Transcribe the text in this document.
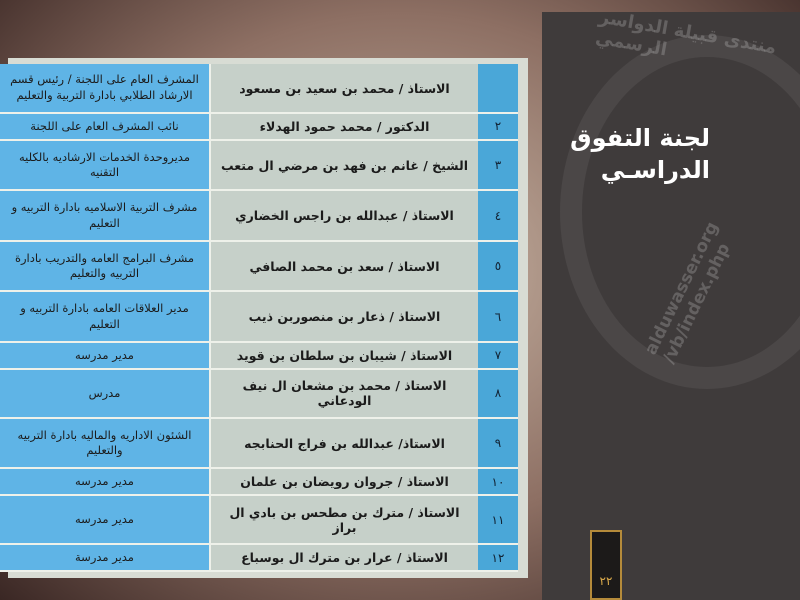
	الاستاذ / محمد بن سعيد بن مسعود	المشرف العام على اللجنة / رئيس قسم الارشاد الطلابي بادارة التربية والتعليم
٢	الدكتور / محمد حمود الهدلاء	نائب المشرف العام على اللجنة
٣	الشيخ / غانم بن فهد بن مرضي ال متعب	مديروحدة الخدمات الارشاديه بالكليه التقنيه
٤	الاستاذ / عبدالله بن راجس الخضاري	مشرف التربية الاسلاميه بادارة التربيه و التعليم
٥	الاستاذ / سعد بن محمد الصافي	مشرف البرامج العامه والتدريب بادارة التربيه والتعليم
٦	الاستاذ / ذعار بن منصوربن ذيب	مدير العلاقات العامه بادارة التربيه و التعليم
٧	الاستاذ / شيبان بن سلطان بن قويد	مدير مدرسه
٨	الاستاذ / محمد بن مشعان ال نيف الودعاني	مدرس
٩	الاستاذ/ عبدالله بن فراج الحنابجه	الشئون الاداريه والماليه بادارة التربيه والتعليم
١٠	الاستاذ / جروان رويضان بن علمان	مدير مدرسه
١١	الاستاذ / مترك بن مطحس بن بادي ال براز	مدير مدرسه
١٢	الاستاذ / عرار بن مترك ال بوسباع	مدير مدرسة
منتدى قبيلة الدواسر الرسمي
alduwasser.org /vb/index.php
لجنة التفوق الدراسـي
٢٢
